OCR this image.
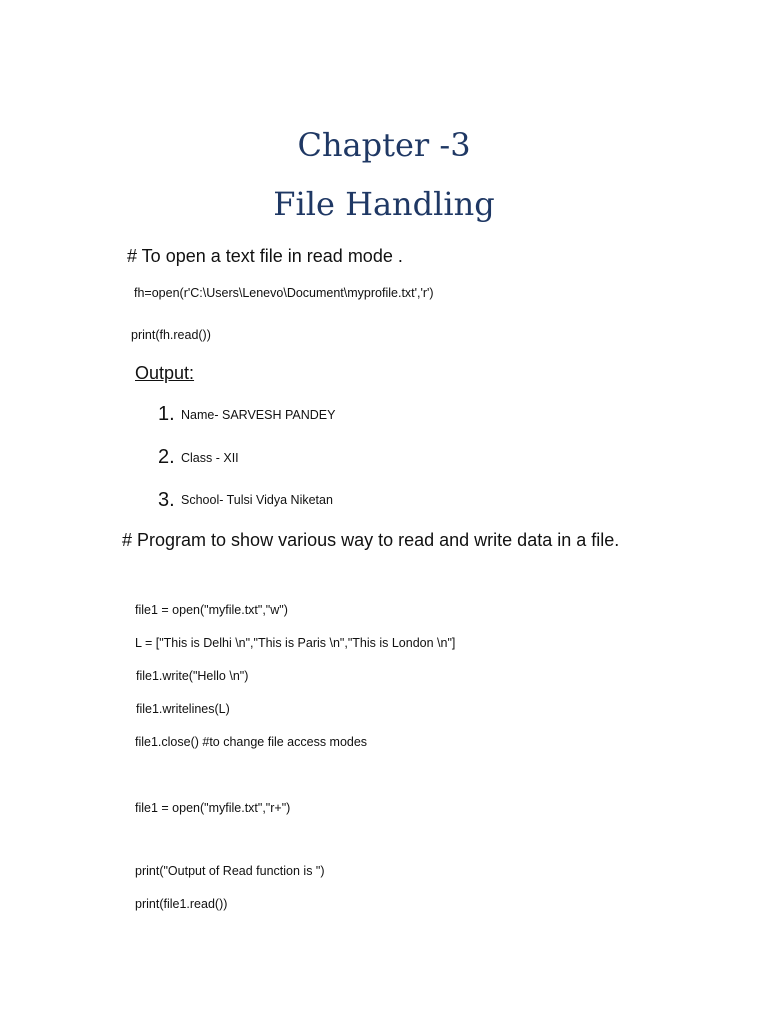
Chapter -3
File Handling
# To open a text file in read mode .
fh=open(r'C:\Users\Lenevo\Document\myprofile.txt','r')
print(fh.read())
Output:
1. Name- SARVESH PANDEY
2. Class - XII
3. School- Tulsi Vidya Niketan
# Program to show various way to read and write data in a file.
file1 = open("myfile.txt","w")
L = ["This is Delhi \n","This is Paris \n","This is London \n"]
file1.write("Hello \n")
file1.writelines(L)
file1.close() #to change file access modes
file1 = open("myfile.txt","r+")
print("Output of Read function is ")
print(file1.read())
